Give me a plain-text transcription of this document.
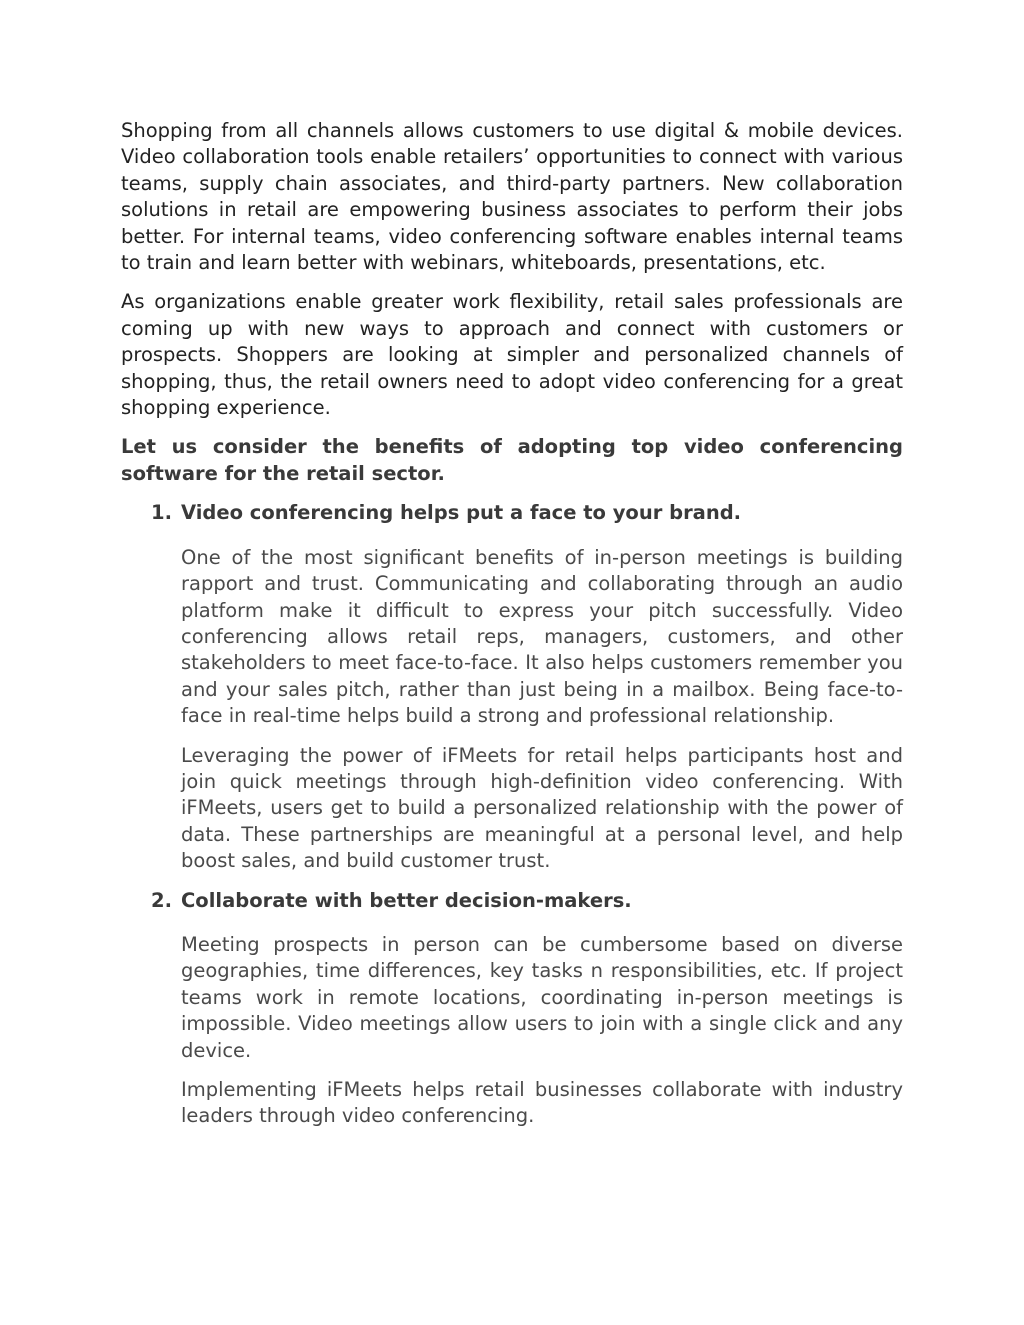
Shopping from all channels allows customers to use digital & mobile devices. Video collaboration tools enable retailers’ opportunities to connect with various teams, supply chain associates, and third-party partners. New collaboration solutions in retail are empowering business associates to perform their jobs better. For internal teams, video conferencing software enables internal teams to train and learn better with webinars, whiteboards, presentations, etc.

As organizations enable greater work flexibility, retail sales professionals are coming up with new ways to approach and connect with customers or prospects. Shoppers are looking at simpler and personalized channels of shopping, thus, the retail owners need to adopt video conferencing for a great shopping experience.

Let us consider the benefits of adopting top video conferencing software for the retail sector.

1. Video conferencing helps put a face to your brand.

One of the most significant benefits of in-person meetings is building rapport and trust. Communicating and collaborating through an audio platform make it difficult to express your pitch successfully. Video conferencing allows retail reps, managers, customers, and other stakeholders to meet face-to-face. It also helps customers remember you and your sales pitch, rather than just being in a mailbox. Being face-to-face in real-time helps build a strong and professional relationship.

Leveraging the power of iFMeets for retail helps participants host and join quick meetings through high-definition video conferencing. With iFMeets, users get to build a personalized relationship with the power of data. These partnerships are meaningful at a personal level, and help boost sales, and build customer trust.

2. Collaborate with better decision-makers.

Meeting prospects in person can be cumbersome based on diverse geographies, time differences, key tasks n responsibilities, etc. If project teams work in remote locations, coordinating in-person meetings is impossible. Video meetings allow users to join with a single click and any device.

Implementing iFMeets helps retail businesses collaborate with industry leaders through video conferencing.
